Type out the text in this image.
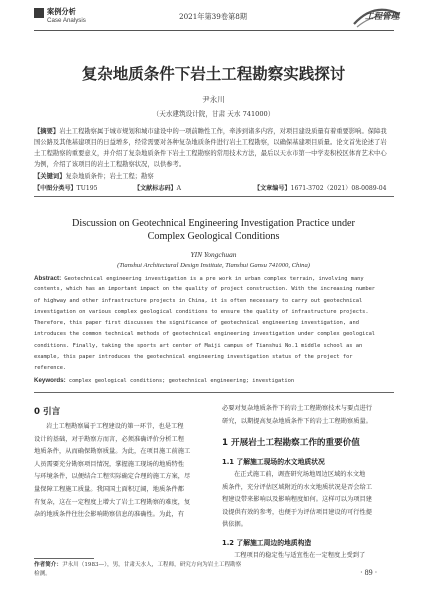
案例分析
Case Analysis	2021年第39卷第8期	工程管理
复杂地质条件下岩土工程勘察实践探讨
尹永川
（天水建筑设计院，甘肃 天水 741000）
【摘要】岩土工程勘察属于城市规划和城市建设中的一项前瞻性工作，牵涉到诸多内容，对项目建设质量有着重要影响。保障我
国公路及其他基建项目的日益增多，经常需要对各种复杂地质条件进行岩土工程勘察，以确保基建项目质量。论文首先论述了岩
土工程勘察的重要意义，并介绍了复杂地质条件下岩土工程勘察的常用技术方法，最后以天水市第一中学麦积校区体育艺术中心
为例，介绍了该项目的岩土工程勘察状况，以供参考。
【关键词】复杂地质条件；岩土工程；勘察
【中图分类号】TU195	【文献标志码】A	【文章编号】1671-3702（2021）08-0089-04
Discussion on Geotechnical Engineering Investigation Practice under
Complex Geological Conditions
YIN Yongchuan
(Tianshui Architectural Design Institute, Tianshui Gansu 741000, China)
Abstract: Geotechnical engineering investigation is a pre work in urban complex terrain, involving many
contents, which has an important impact on the quality of project construction. With the increasing number
of highway and other infrastructure projects in China, it is often necessary to carry out geotechnical
investigation on various complex geological conditions to ensure the quality of infrastructure projects.
Therefore, this paper first discusses the significance of geotechnical engineering investigation, and
introduces the common technical methods of geotechnical engineering investigation under complex geological
conditions. Finally, taking the sports art center of Maiji campus of Tianshui No.1 middle school as an
example, this paper introduces the geotechnical engineering investigation status of the project for
reference.
Keywords: complex geological conditions; geotechnical engineering; investigation
0 引言
岩土工程勘察属于工程建设的第一环节，也是工程
设计的基础，对于勘察方而言，必须准确评价分析工程
地质条件，从而确保勘察质量。为此，在项目施工前施工
人员需要充分勘察项目情况，掌握施工现场的地质特性
与环境条件，以便结合工程实际确定合理的施工方案，尽
量保障工程施工质量。我国国土面积辽阔，地质条件都
有复杂，这在一定程度上增大了岩土工程勘察的难度，复
杂的地质条件往往会影响勘察信息的准确性。为此，有
必要对复杂地质条件下的岩土工程勘察技术与要点进行
研究，以期提高复杂地质条件下的岩土工程勘察质量。
1 开展岩土工程勘察工作的重要价值
1.1 了解施工现场的水文地质状况
在正式施工前，调查研究场地周边区域的水文地
质条件，充分评估区域附近的水文地质状况是否会给工
程建设带来影响以及影响程度如何。这样可以为项目建
设提供有效的参考，也便于为评估项目建设的可行性提
供依据。
1.2 了解施工周边的地质构造
工程项目的稳定性与适宜性在一定程度上受到了
作者简介：尹永川（1983—），男，甘肃天水人，工程师，研究方向为岩土工程勘察
检测。	· 89 ·
